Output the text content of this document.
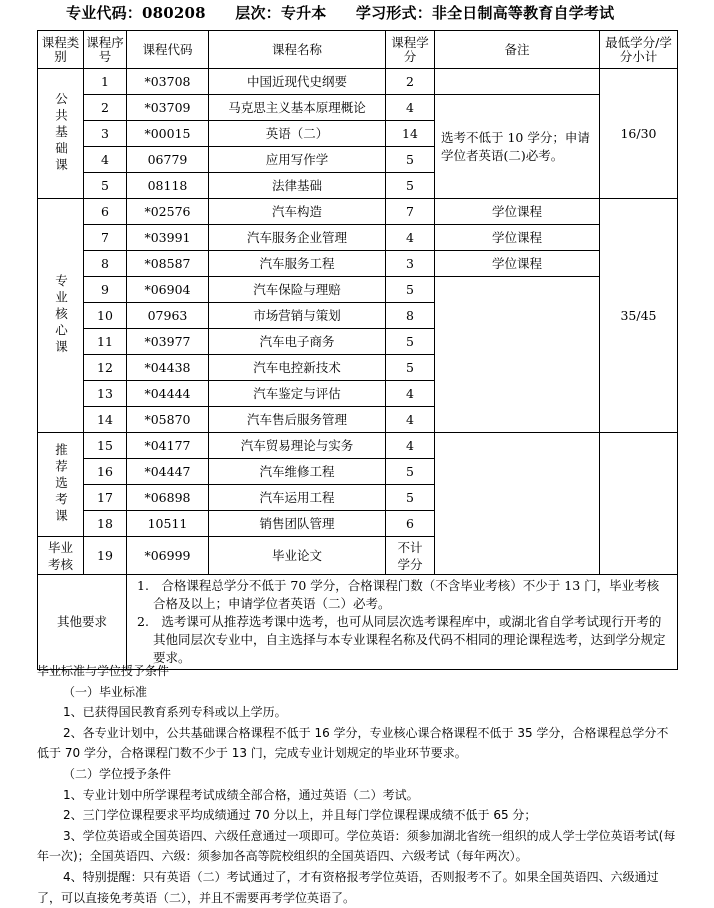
专业代码：080208 层次：专升本 学习形式：非全日制高等教育自学考试
课程类别	课程序号	课程代码	课程名称	课程学分	备注	最低学分/学分小计
公共基础课	1	*03708	中国近现代史纲要	2		16/30
	2	*03709	马克思主义基本原理概论	4	选考不低于 10 学分；申请学位者英语(二)必考。	
	3	*00015	英语（二）	14		
	4	06779	应用写作学	5		
	5	08118	法律基础	5		
专业核心课	6	*02576	汽车构造	7	学位课程	35/45
	7	*03991	汽车服务企业管理	4	学位课程	
	8	*08587	汽车服务工程	3	学位课程	
	9	*06904	汽车保险与理赔	5		
	10	07963	市场营销与策划	8		
	11	*03977	汽车电子商务	5		
	12	*04438	汽车电控新技术	5		
	13	*04444	汽车鉴定与评估	4		
	14	*05870	汽车售后服务管理	4		
推荐选考课	15	*04177	汽车贸易理论与实务	4		
	16	*04447	汽车维修工程	5		
	17	*06898	汽车运用工程	5		
	18	10511	销售团队管理	6		
毕业考核	19	*06999	毕业论文	不计学分		
其他要求		1.　合格课程总学分不低于 70 学分，合格课程门数（不含毕业考核）不少于 13 门，毕业考核合格及以上；申请学位者英语（二）必考。

2.　选考课可从推荐选考课中选考，也可从同层次选考课程库中，或湖北省自学考试现行开考的其他同层次专业中，自主选择与本专业课程名称及代码不相同的理论课程选考，达到学分规定要求。				

毕业标准与学位授予条件

（一）毕业标准

1、已获得国民教育系列专科或以上学历。

2、各专业计划中，公共基础课合格课程不低于 16 学分，专业核心课合格课程不低于 35 学分，合格课程总学分不低于 70 学分，合格课程门数不少于 13 门，完成专业计划规定的毕业环节要求。

（二）学位授予条件

1、专业计划中所学课程考试成绩全部合格，通过英语（二）考试。

2、三门学位课程要求平均成绩通过 70 分以上，并且每门学位课程课成绩不低于 65 分；

3、学位英语或全国英语四、六级任意通过一项即可。学位英语：须参加湖北省统一组织的成人学士学位英语考试(每年一次)；全国英语四、六级：须参加各高等院校组织的全国英语四、六级考试（每年两次）。

4、特别提醒：只有英语（二）考试通过了，才有资格报考学位英语，否则报考不了。如果全国英语四、六级通过了，可以直接免考英语（二），并且不需要再考学位英语了。
